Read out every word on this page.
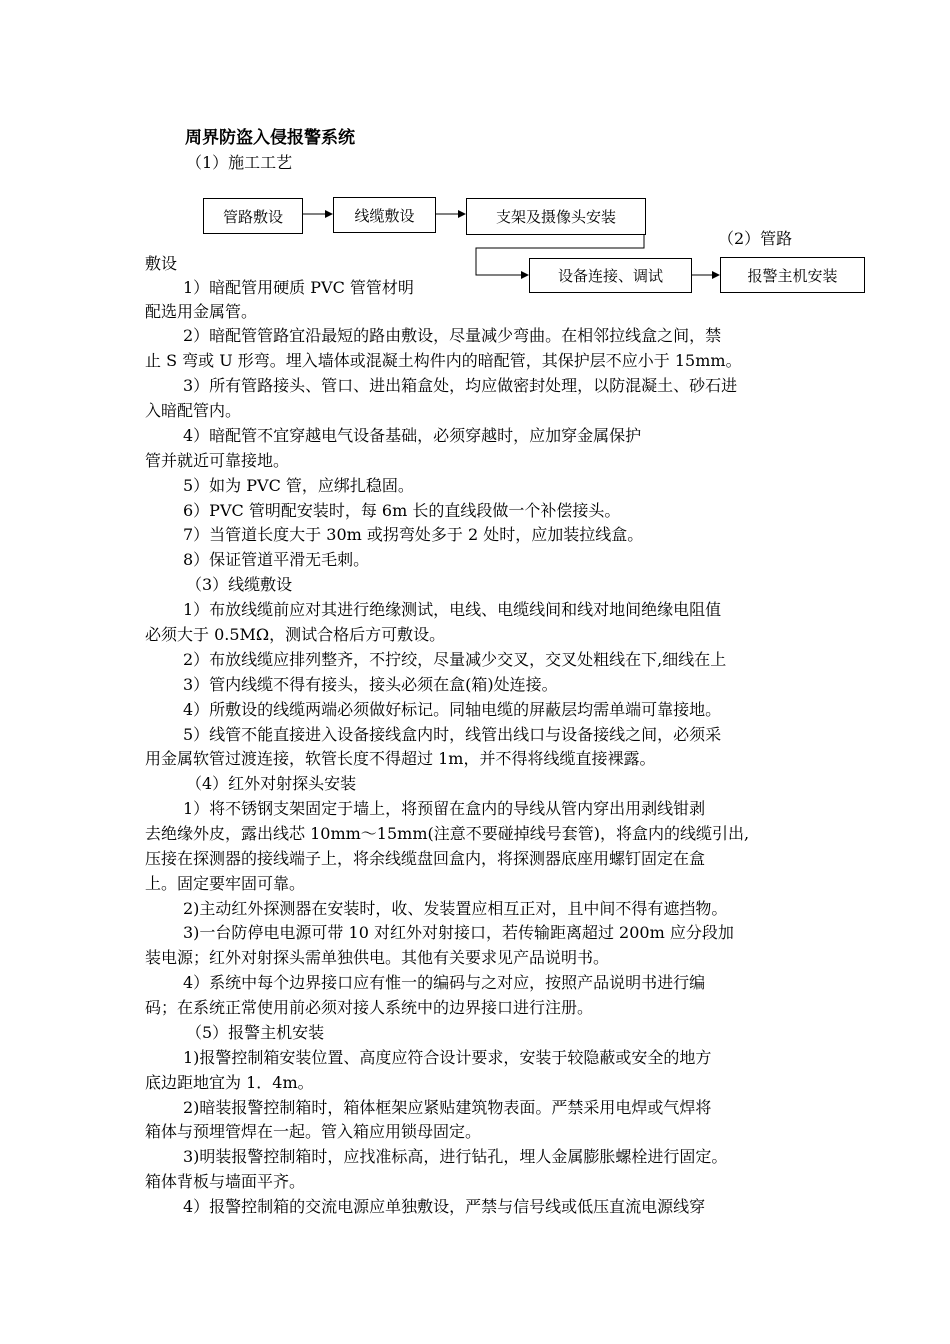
周界防盗入侵报警系统
（1）施工工艺
管路敷设	线缆敷设	支架及摄像头安装
设备连接、调试	报警主机安装
（2）管路
敷设
1）暗配管用硬质 PVC 管管材明
配选用金属管。
2）暗配管管路宜沿最短的路由敷设，尽量减少弯曲。在相邻拉线盒之间，禁
止 S 弯或 U 形弯。埋入墙体或混凝土构件内的暗配管，其保护层不应小于 15mm。
3）所有管路接头、管口、进出箱盒处，均应做密封处理，以防混凝土、砂石进
入暗配管内。
4）暗配管不宜穿越电气设备基础，必须穿越时，应加穿金属保护
管并就近可靠接地。
5）如为 PVC 管，应绑扎稳固。
6）PVC 管明配安装时，每 6m 长的直线段做一个补偿接头。
7）当管道长度大于 30m 或拐弯处多于 2 处时，应加装拉线盒。
8）保证管道平滑无毛刺。
（3）线缆敷设
1）布放线缆前应对其进行绝缘测试，电线、电缆线间和线对地间绝缘电阻值
必须大于 0.5MΩ，测试合格后方可敷设。
2）布放线缆应排列整齐，不拧绞，尽量减少交叉，交叉处粗线在下,细线在上
3）管内线缆不得有接头，接头必须在盒(箱)处连接。
4）所敷设的线缆两端必须做好标记。同轴电缆的屏蔽层均需单端可靠接地。
5）线管不能直接进入设备接线盒内时，线管出线口与设备接线之间，必须采
用金属软管过渡连接，软管长度不得超过 1m，并不得将线缆直接裸露。
（4）红外对射探头安装
1）将不锈钢支架固定于墙上，将预留在盒内的导线从管内穿出用剥线钳剥
去绝缘外皮，露出线芯 10mm～15mm(注意不要碰掉线号套管)，将盒内的线缆引出,
压接在探测器的接线端子上，将余线缆盘回盒内，将探测器底座用螺钉固定在盒
上。固定要牢固可靠。
2)主动红外探测器在安装时，收、发装置应相互正对，且中间不得有遮挡物。
3)一台防停电电源可带 10 对红外对射接口，若传输距离超过 200m 应分段加
装电源；红外对射探头需单独供电。其他有关要求见产品说明书。
4）系统中每个边界接口应有惟一的编码与之对应，按照产品说明书进行编
码；在系统正常使用前必须对接人系统中的边界接口进行注册。
（5）报警主机安装
1)报警控制箱安装位置、高度应符合设计要求，安装于较隐蔽或安全的地方
底边距地宜为 1．4m。
2)暗装报警控制箱时，箱体框架应紧贴建筑物表面。严禁采用电焊或气焊将
箱体与预埋管焊在一起。管入箱应用锁母固定。
3)明装报警控制箱时，应找准标高，进行钻孔，埋人金属膨胀螺栓进行固定。
箱体背板与墙面平齐。
4）报警控制箱的交流电源应单独敷设，严禁与信号线或低压直流电源线穿
